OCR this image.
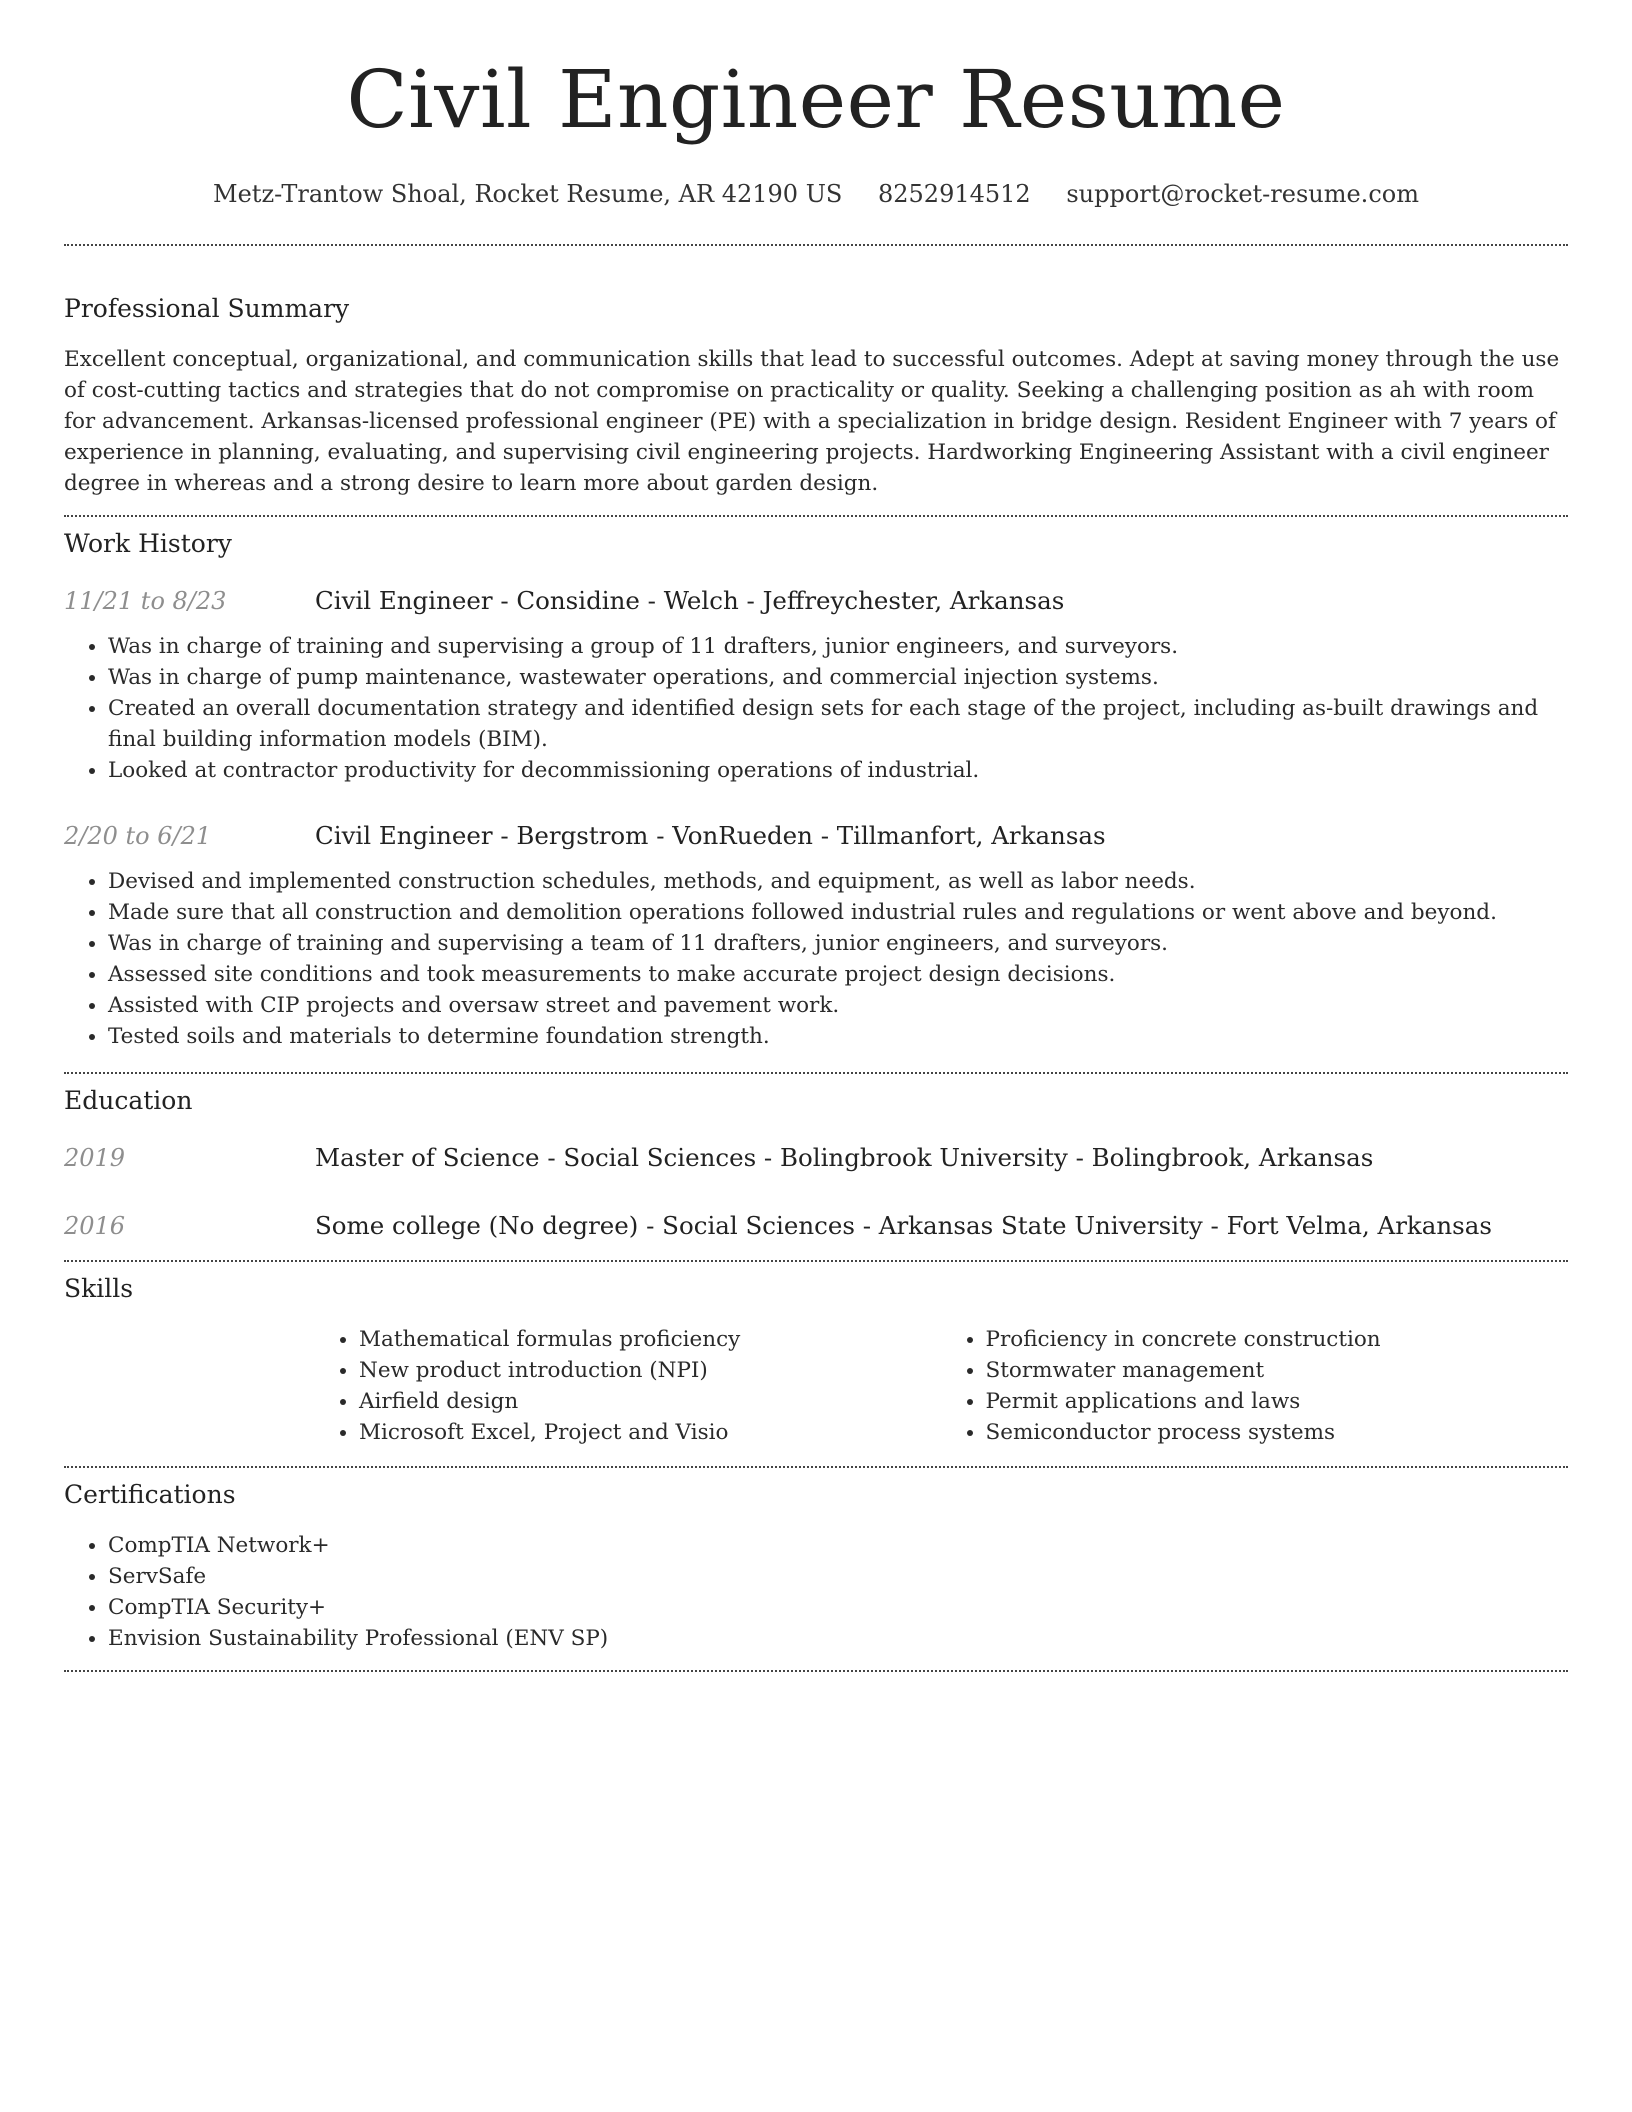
Civil Engineer Resume
Metz-Trantow Shoal, Rocket Resume, AR 42190 US 8252914512 support@rocket-resume.com
Professional Summary

Excellent conceptual, organizational, and communication skills that lead to successful outcomes. Adept at saving money through the use of cost-cutting tactics and strategies that do not compromise on practicality or quality. Seeking a challenging position as ah with room for advancement. Arkansas-licensed professional engineer (PE) with a specialization in bridge design. Resident Engineer with 7 years of experience in planning, evaluating, and supervising civil engineering projects. Hardworking Engineering Assistant with a civil engineer degree in whereas and a strong desire to learn more about garden design.

Work History
11/21 to 8/23	Civil Engineer - Considine - Welch - Jeffreychester, Arkansas
• Was in charge of training and supervising a group of 11 drafters, junior engineers, and surveyors.
• Was in charge of pump maintenance, wastewater operations, and commercial injection systems.
• Created an overall documentation strategy and identified design sets for each stage of the project, including as-built drawings and final building information models (BIM).
• Looked at contractor productivity for decommissioning operations of industrial.
2/20 to 6/21	Civil Engineer - Bergstrom - VonRueden - Tillmanfort, Arkansas
• Devised and implemented construction schedules, methods, and equipment, as well as labor needs.
• Made sure that all construction and demolition operations followed industrial rules and regulations or went above and beyond.
• Was in charge of training and supervising a team of 11 drafters, junior engineers, and surveyors.
• Assessed site conditions and took measurements to make accurate project design decisions.
• Assisted with CIP projects and oversaw street and pavement work.
• Tested soils and materials to determine foundation strength.
Education
2019	Master of Science - Social Sciences - Bolingbrook University - Bolingbrook, Arkansas
2016	Some college (No degree) - Social Sciences - Arkansas State University - Fort Velma, Arkansas
Skills
• Mathematical formulas proficiency
• New product introduction (NPI)
• Airfield design
• Microsoft Excel, Project and Visio
• Proficiency in concrete construction
• Stormwater management
• Permit applications and laws
• Semiconductor process systems
Certifications
• CompTIA Network+
• ServSafe
• CompTIA Security+
• Envision Sustainability Professional (ENV SP)
